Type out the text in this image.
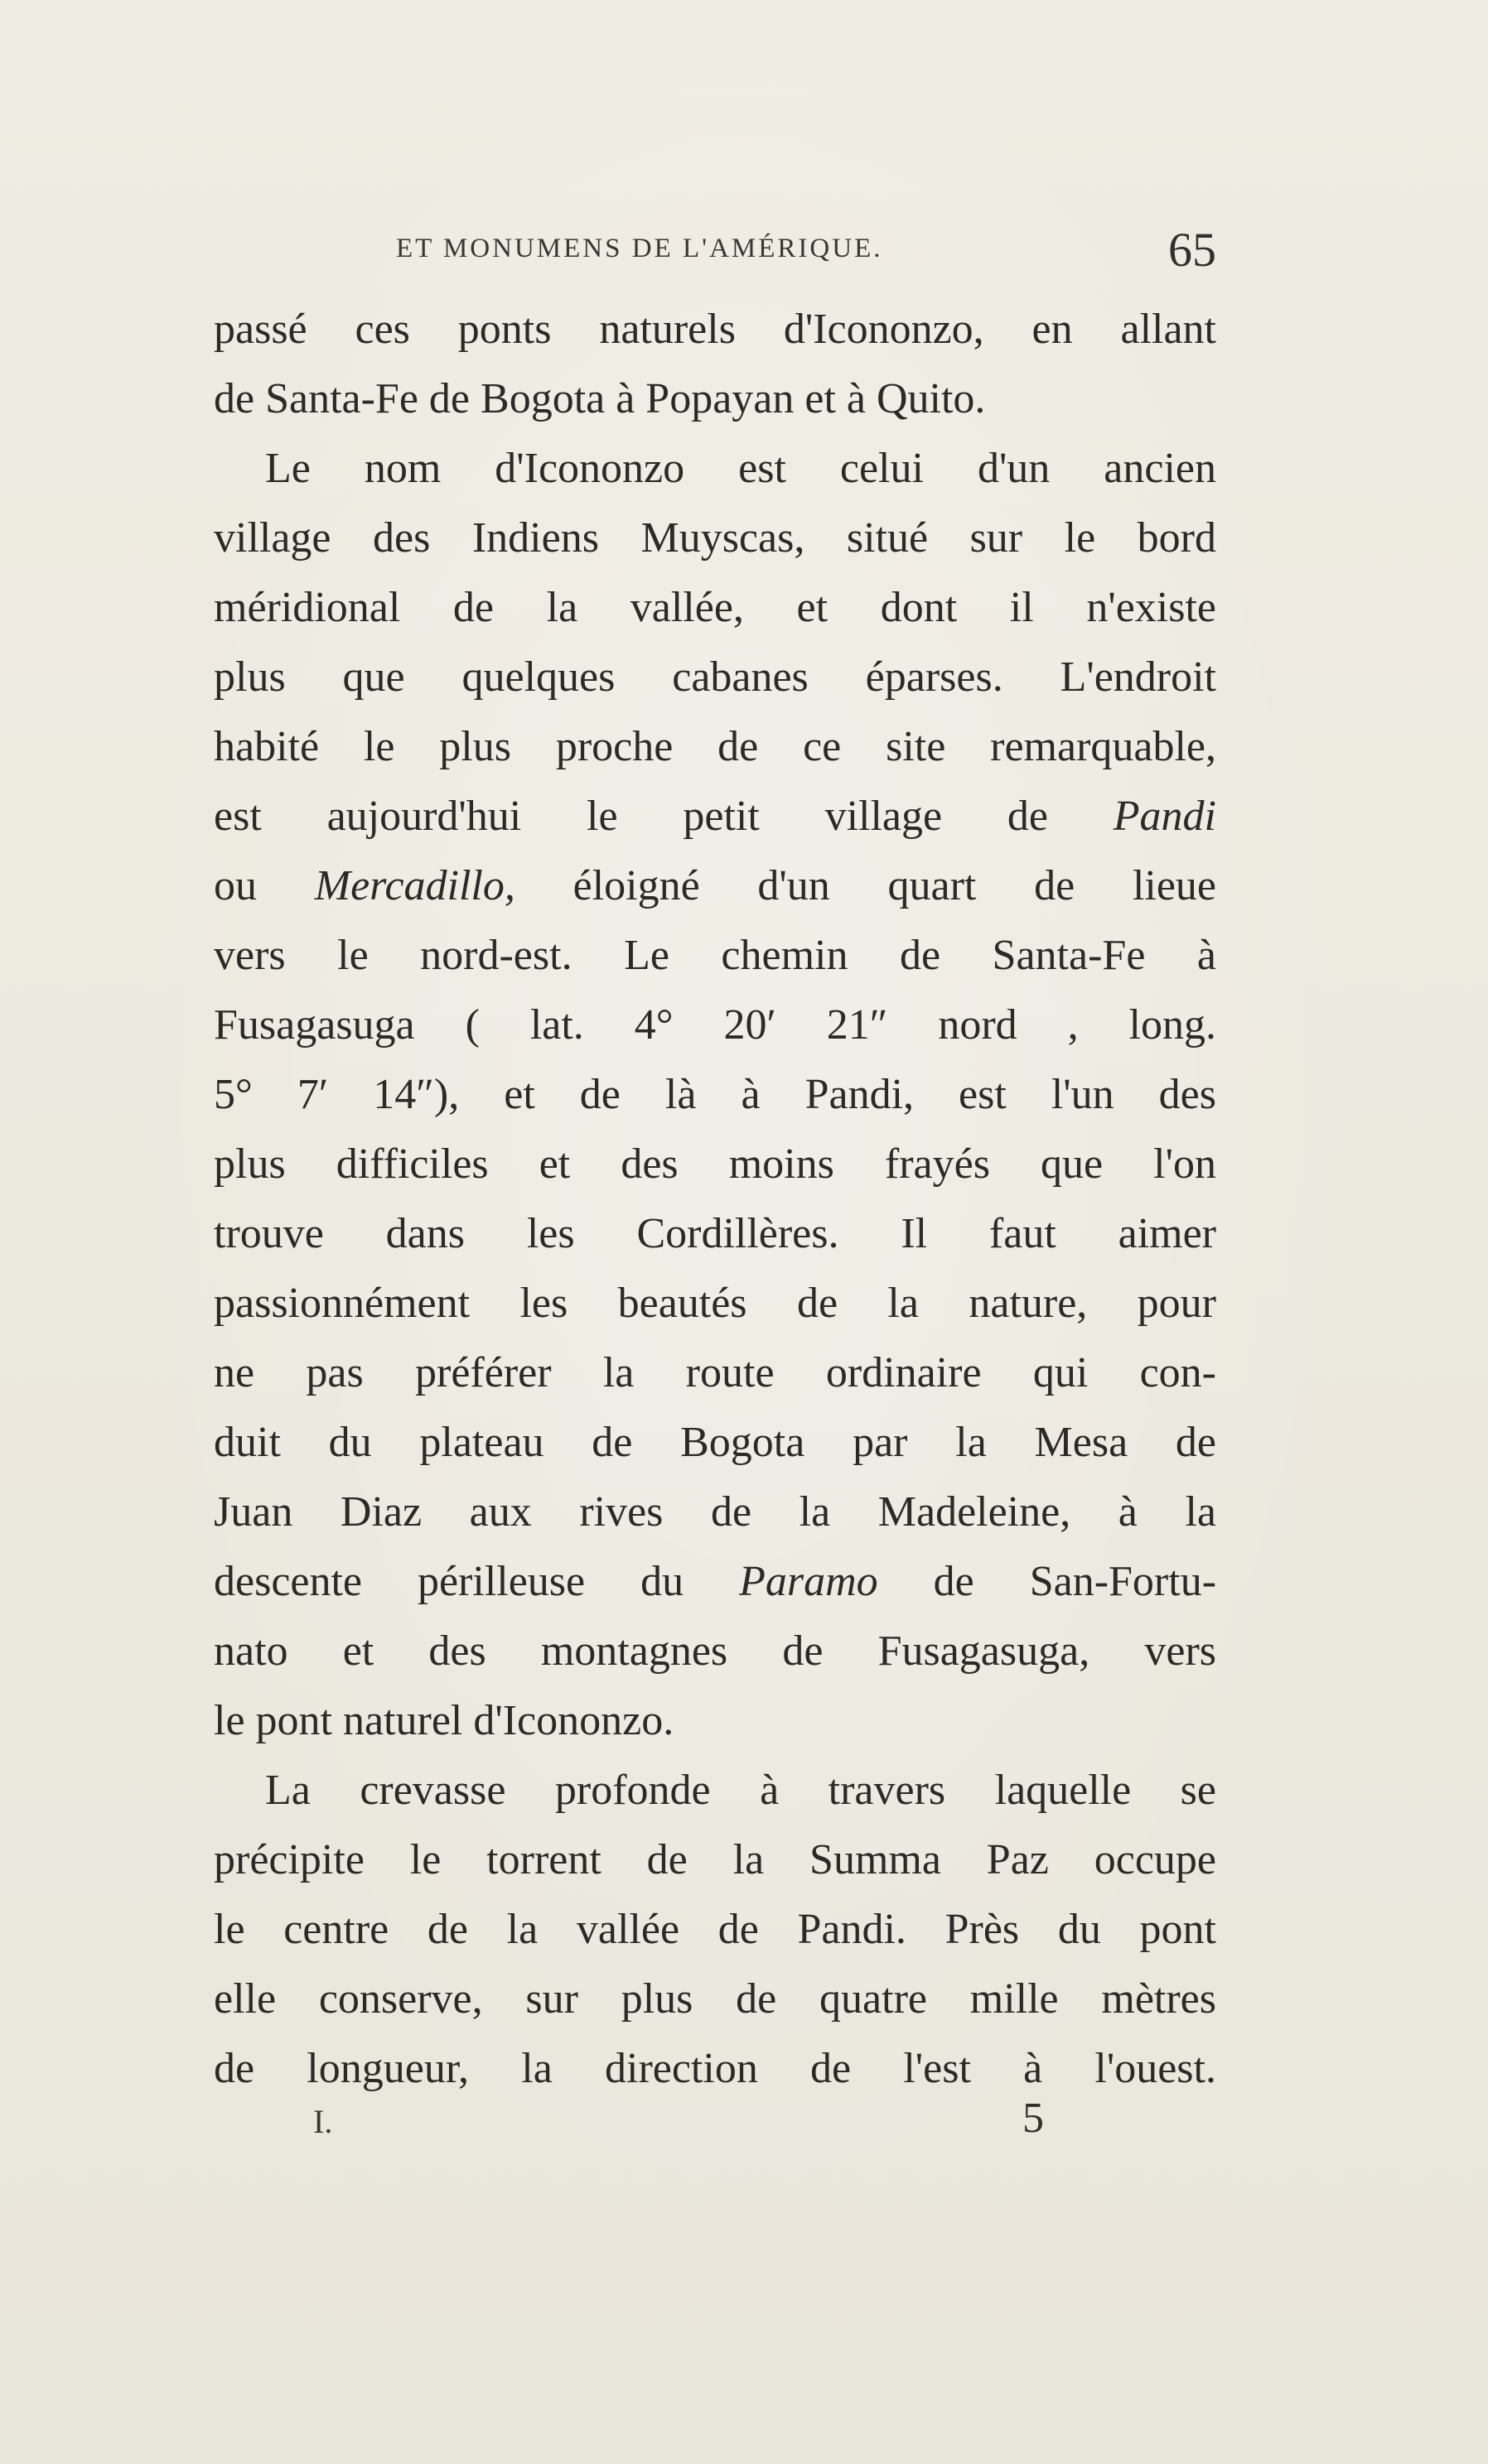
ET MONUMENS DE L'AMÉRIQUE.	65
passé ces ponts naturels d'Icononzo, en allant
de Santa-Fe de Bogota à Popayan et à Quito.
Le nom d'Icononzo est celui d'un ancien
village des Indiens Muyscas, situé sur le bord
méridional de la vallée, et dont il n'existe
plus que quelques cabanes éparses. L'endroit
habité le plus proche de ce site remarquable,
est aujourd'hui le petit village de Pandi
ou Mercadillo, éloigné d'un quart de lieue
vers le nord-est. Le chemin de Santa-Fe à
Fusagasuga ( lat. 4° 20′ 21″ nord , long.
5° 7′ 14″), et de là à Pandi, est l'un des
plus difficiles et des moins frayés que l'on
trouve dans les Cordillères. Il faut aimer
passionnément les beautés de la nature, pour
ne pas préférer la route ordinaire qui con-
duit du plateau de Bogota par la Mesa de
Juan Diaz aux rives de la Madeleine, à la
descente périlleuse du Paramo de San-Fortu-
nato et des montagnes de Fusagasuga, vers
le pont naturel d'Icononzo.
La crevasse profonde à travers laquelle se
précipite le torrent de la Summa Paz occupe
le centre de la vallée de Pandi. Près du pont
elle conserve, sur plus de quatre mille mètres
de longueur, la direction de l'est à l'ouest.
I.	5
